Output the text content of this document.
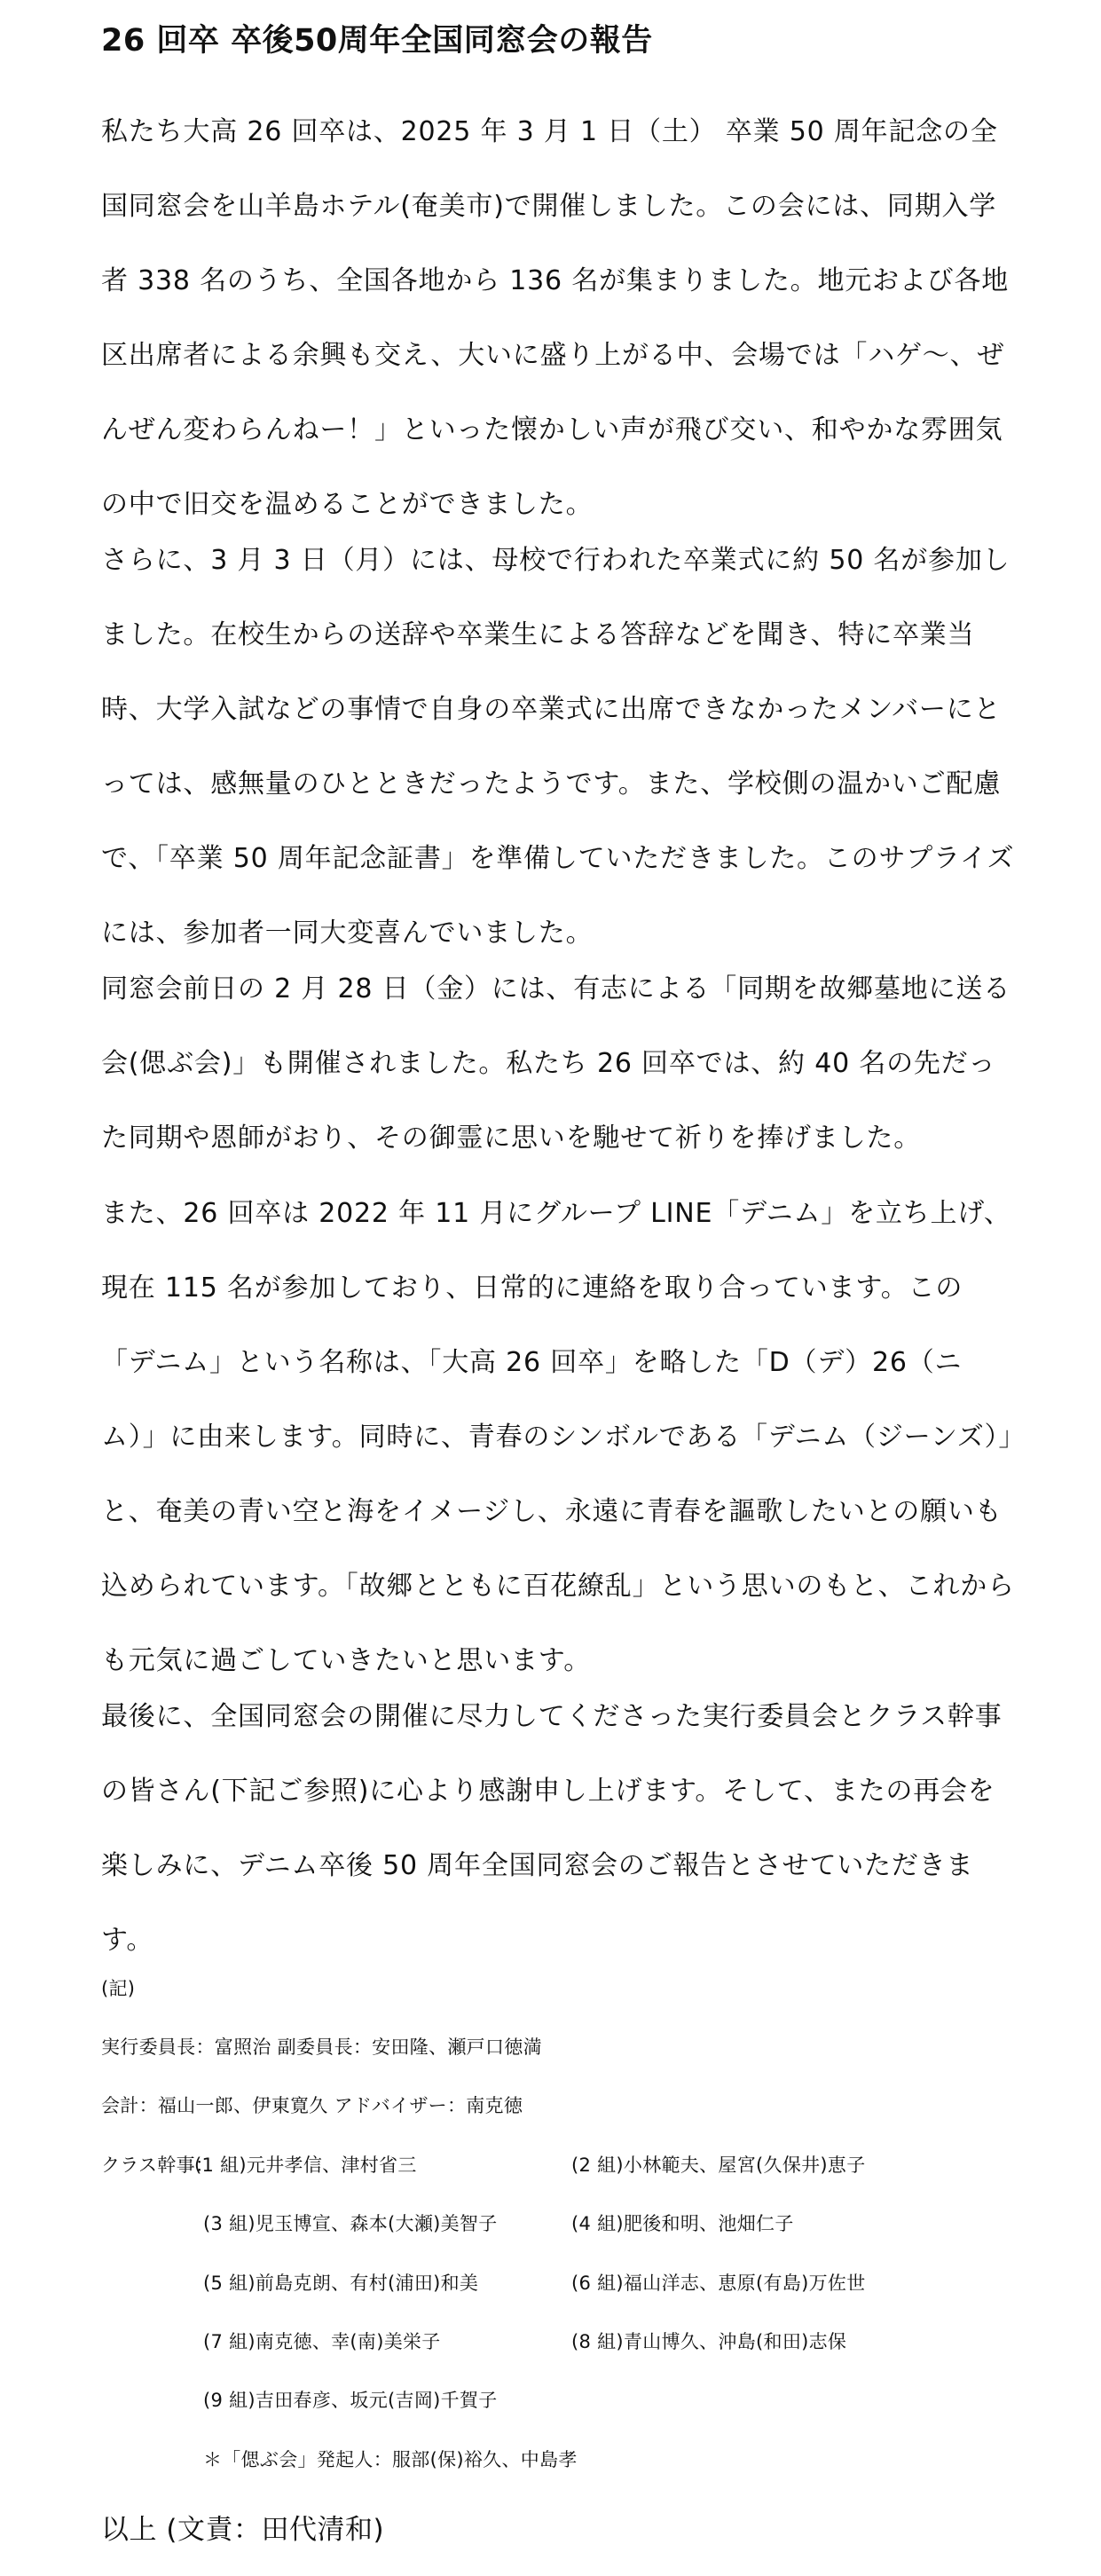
26 回卒 卒後50周年全国同窓会の報告

私たち大高 26 回卒は、2025 年 3 月 1 日（土） 卒業 50 周年記念の全国同窓会を山羊島ホテル(奄美市)で開催しました。この会には、同期入学者 338 名のうち、全国各地から 136 名が集まりました。地元および各地区出席者による余興も交え、大いに盛り上がる中、会場では「ハゲ～、ぜんぜん変わらんねー！」といった懐かしい声が飛び交い、和やかな雰囲気の中で旧交を温めることができました。

さらに、3 月 3 日（月）には、母校で行われた卒業式に約 50 名が参加しました。在校生からの送辞や卒業生による答辞などを聞き、特に卒業当時、大学入試などの事情で自身の卒業式に出席できなかったメンバーにとっては、感無量のひとときだったようです。また、学校側の温かいご配慮で、「卒業 50 周年記念証書」を準備していただきました。このサプライズには、参加者一同大変喜んでいました。

同窓会前日の 2 月 28 日（金）には、有志による「同期を故郷墓地に送る会(偲ぶ会)」も開催されました。私たち 26 回卒では、約 40 名の先だった同期や恩師がおり、その御霊に思いを馳せて祈りを捧げました。

また、26 回卒は 2022 年 11 月にグループ LINE「デニム」を立ち上げ、現在 115 名が参加しており、日常的に連絡を取り合っています。この「デニム」という名称は、「大高 26 回卒」を略した「D（デ）26（ニム）」に由来します。同時に、青春のシンボルである「デニム（ジーンズ）」と、奄美の青い空と海をイメージし、永遠に青春を謳歌したいとの願いも込められています。「故郷とともに百花繚乱」という思いのもと、これからも元気に過ごしていきたいと思います。

最後に、全国同窓会の開催に尽力してくださった実行委員会とクラス幹事の皆さん(下記ご参照)に心より感謝申し上げます。そして、またの再会を楽しみに、デニム卒後 50 周年全国同窓会のご報告とさせていただきます。

(記)
実行委員長：富照治 副委員長：安田隆、瀬戸口徳満
会計：福山一郎、伊東寛久 アドバイザー：南克徳
クラス幹事：
(1 組)元井孝信、津村省三	(2 組)小林範夫、屋宮(久保井)恵子
(3 組)児玉博宣、森本(大瀬)美智子	(4 組)肥後和明、池畑仁子
(5 組)前島克朗、有村(浦田)和美	(6 組)福山洋志、恵原(有島)万佐世
(7 組)南克徳、幸(南)美栄子	(8 組)青山博久、沖島(和田)志保
(9 組)吉田春彦、坂元(吉岡)千賀子
＊「偲ぶ会」発起人：服部(保)裕久、中島孝
以上 (文責：田代清和)
